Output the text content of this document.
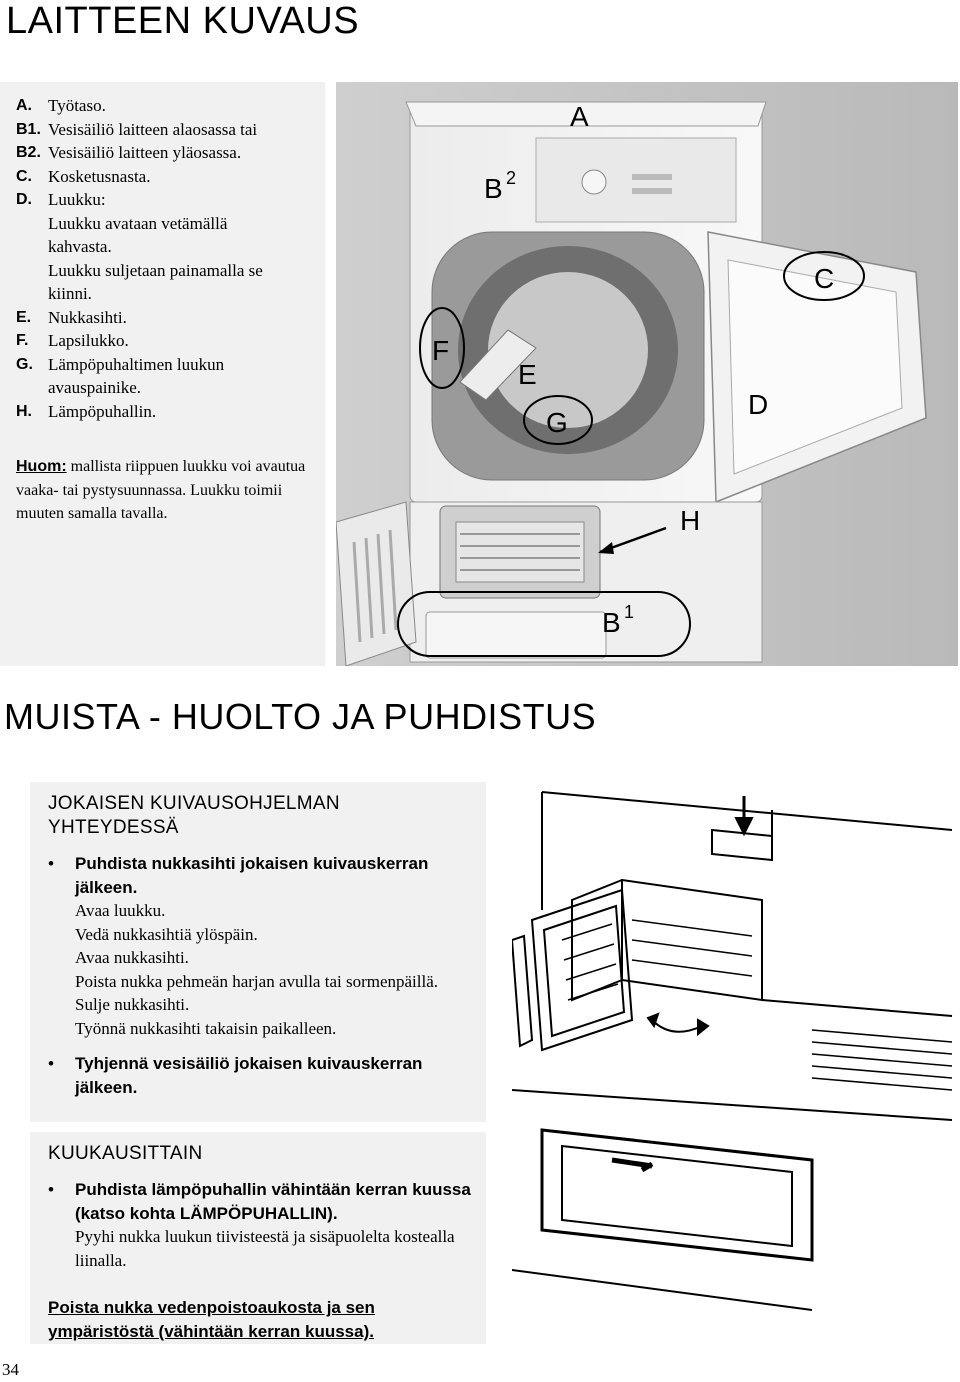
LAITTEEN KUVAUS
A. Työtaso.
B1. Vesisäiliö laitteen alaosassa tai
B2. Vesisäiliö laitteen yläosassa.
C. Kosketusnasta.
D. Luukku:
Luukku avataan vetämällä
kahvasta.
Luukku suljetaan painamalla se
kiinni.
E. Nukkasihti.
F.	Lapsilukko.
G. Lämpöpuhaltimen luukun
avauspainike.
H. Lämpöpuhallin.
Huom: mallista riippuen luukku voi avautua vaaka- tai pystysuunnassa. Luukku toimii muuten samalla tavalla.
A
B 2
C
D
E
F
G
H
B 1
MUISTA - HUOLTO JA PUHDISTUS
JOKAISEN KUIVAUSOHJELMAN
YHTEYDESSÄ
•	Puhdista nukkasihti jokaisen kuivauskerran jälkeen.
Avaa luukku.
Vedä nukkasihtiä ylöspäin.
Avaa nukkasihti.
Poista nukka pehmeän harjan avulla tai sormenpäillä.
Sulje nukkasihti.
Työnnä nukkasihti takaisin paikalleen.
•	Tyhjennä vesisäiliö jokaisen kuivauskerran jälkeen.
KUUKAUSITTAIN
•	Puhdista lämpöpuhallin vähintään kerran kuussa (katso kohta LÄMPÖPUHALLIN).
Pyyhi nukka luukun tiivisteestä ja sisäpuolelta kostealla liinalla.
Poista nukka vedenpoistoaukosta ja sen ympäristöstä (vähintään kerran kuussa).
34
